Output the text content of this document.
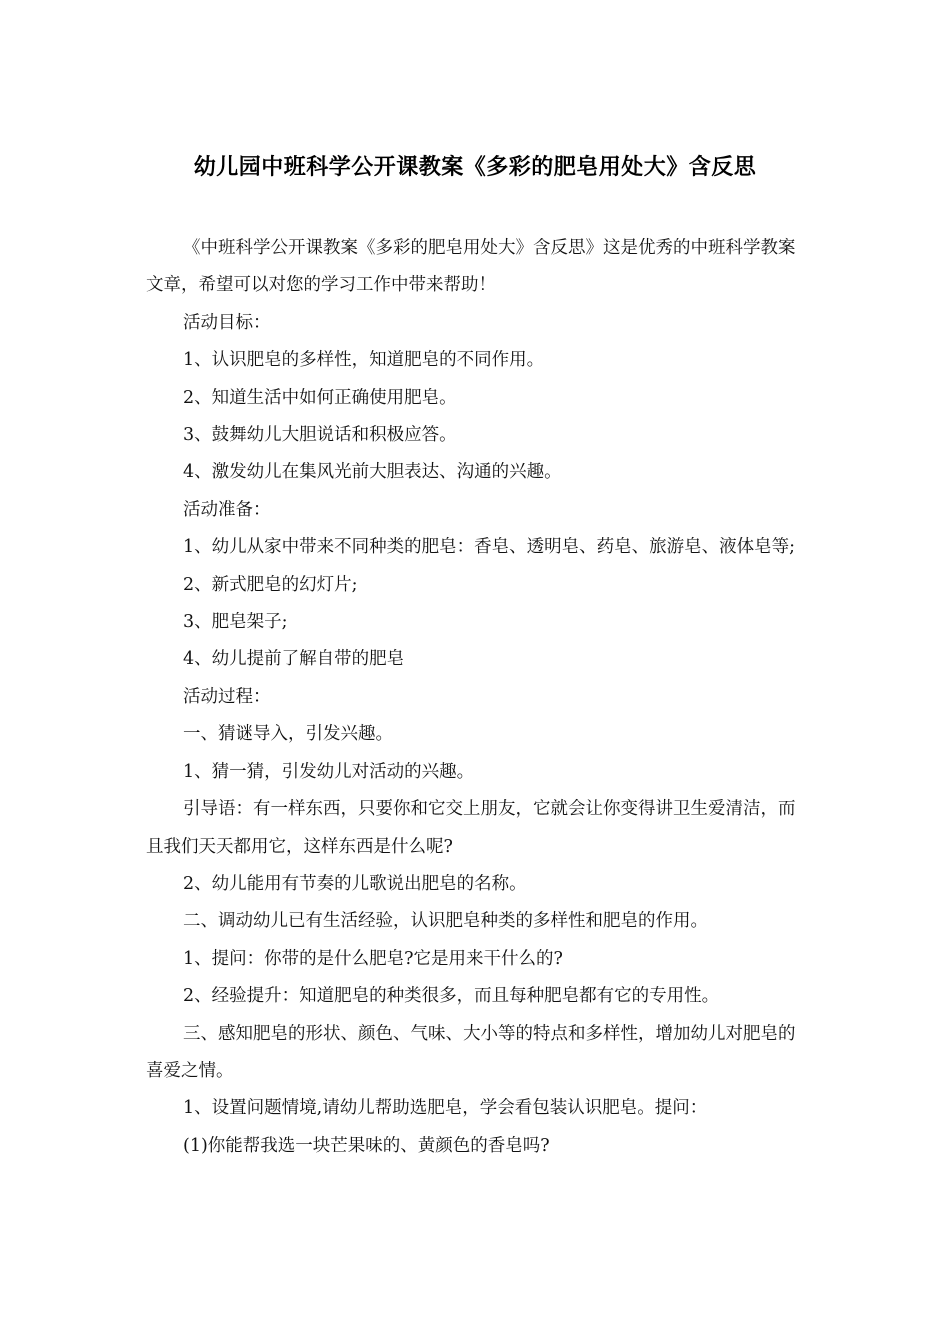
幼儿园中班科学公开课教案《多彩的肥皂用处大》含反思

《中班科学公开课教案《多彩的肥皂用处大》含反思》这是优秀的中班科学教案文章，希望可以对您的学习工作中带来帮助！

活动目标：

1、认识肥皂的多样性，知道肥皂的不同作用。

2、知道生活中如何正确使用肥皂。

3、鼓舞幼儿大胆说话和积极应答。

4、激发幼儿在集风光前大胆表达、沟通的兴趣。

活动准备：

1、幼儿从家中带来不同种类的肥皂：香皂、透明皂、药皂、旅游皂、液体皂等;

2、新式肥皂的幻灯片;

3、肥皂架子;

4、幼儿提前了解自带的肥皂

活动过程：

一、猜谜导入，引发兴趣。

1、猜一猜，引发幼儿对活动的兴趣。

引导语：有一样东西，只要你和它交上朋友，它就会让你变得讲卫生爱清洁，而且我们天天都用它，这样东西是什么呢?

2、幼儿能用有节奏的儿歌说出肥皂的名称。

二、调动幼儿已有生活经验，认识肥皂种类的多样性和肥皂的作用。

1、提问：你带的是什么肥皂?它是用来干什么的?

2、经验提升：知道肥皂的种类很多，而且每种肥皂都有它的专用性。

三、感知肥皂的形状、颜色、气味、大小等的特点和多样性，增加幼儿对肥皂的喜爱之情。

1、设置问题情境,请幼儿帮助选肥皂，学会看包装认识肥皂。提问：

(1)你能帮我选一块芒果味的、黄颜色的香皂吗?
